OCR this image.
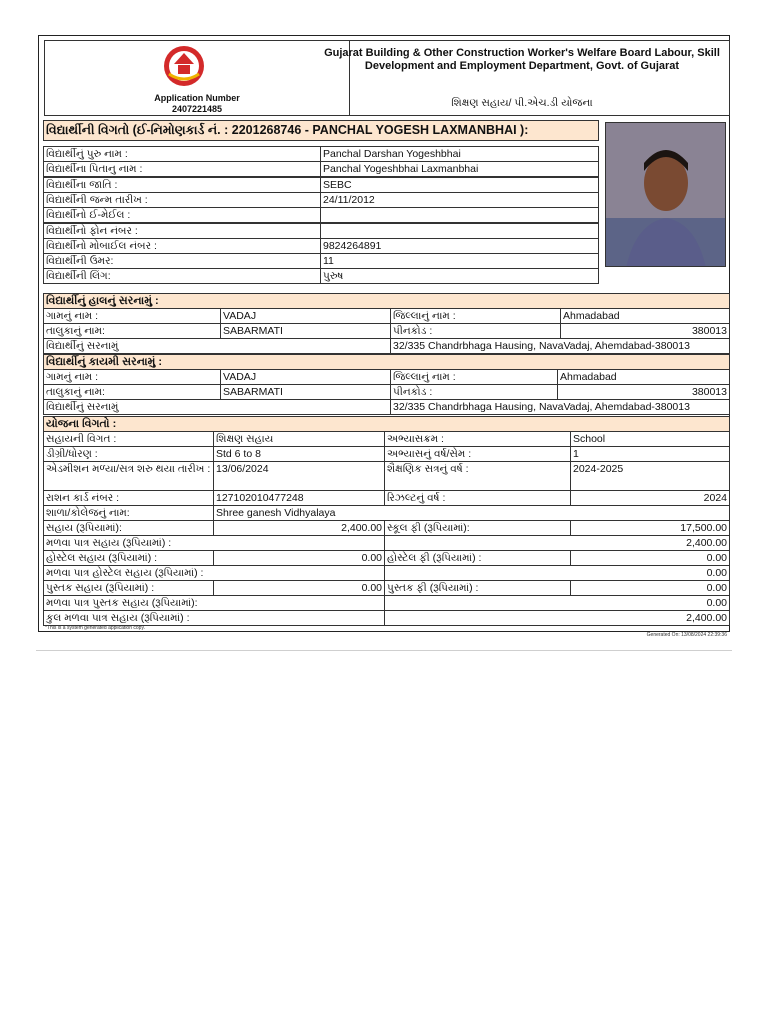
Application Number
2407221485
Gujarat Building & Other Construction Worker's Welfare Board Labour, Skill Development and Employment Department, Govt. of Gujarat
શિક્ષણ સહાય/ પી.એચ.ડી યોજના
વિદ્યાર્થીની વિગતો (ઈ-નિમોણકાર્ડ નં. : 2201268746 - PANCHAL YOGESH LAXMANBHAI ):
વિદ્યાર્થીનું હાલનું સરનામું :
ગામનું નામ :	VADAJ	જિલ્લાનું નામ :	Ahmadabad
તાલુકાનું નામ:	SABARMATI	પીનકોડ :	380013
વિદ્યાર્થીનું સરનામું	32/335 Chandrbhaga Hausing, NavaVadaj, Ahemdabad-380013
વિદ્યાર્થીનું કાયમી સરનામું :
ગામનું નામ :	VADAJ	જિલ્લાનું નામ :	Ahmadabad
તાલુકાનું નામ:	SABARMATI	પીનકોડ :	380013
વિદ્યાર્થીનું સરનામું	32/335 Chandrbhaga Hausing, NavaVadaj, Ahemdabad-380013
યોજના વિગતો :
સહાયની વિગત :	શિક્ષણ સહાય	અભ્યાસક્રમ :	School
ડીગ્રી/ધોરણ :	Std 6 to 8	અભ્યાસનું વર્ષ/સેમ :	1
એડમીશન મળ્યા/સત્ર શરુ થયા તારીખ : 13/06/2024	શૈક્ષણિક સત્રનું વર્ષ :	2024-2025
રાશન કાર્ડ નંબર :	127102010477248	રિઝલ્ટનું વર્ષ :	2024
શાળા/કોલેજનું નામ:	Shree ganesh Vidhyalaya
સહાય (રૂપિયામાં):	2,400.00 સ્કૂલ ફી (રૂપિયામાં):	17,500.00
મળવા પાત્ર સહાય (રૂપિયામાં) :	2,400.00
હોસ્ટેલ સહાય (રૂપિયામાં) :	0.00 હોસ્ટેલ ફી (રૂપિયામાં) :	0.00
મળવા પાત્ર હોસ્ટેલ સહાય (રૂપિયામાં) :	0.00
પુસ્તક સહાય (રૂપિયામાં) :	0.00 પુસ્તક ફી (રૂપિયામાં) :	0.00
મળવા પાત્ર પુસ્તક સહાય (રૂપિયામાં):	0.00
કુલ મળવા પાત્ર સહાય (રૂપિયામાં) :	2,400.00
*This is a system generated application copy.
Generated On: 13/08/2024 22:39:36
વિદ્યાર્થીનું પુરુ નામ :	Panchal Darshan Yogeshbhai
વિદ્યાર્થીના પિતાનુ નામ :	Panchal Yogeshbhai Laxmanbhai
વિદ્યાર્થીના જાતિ :	SEBC
વિદ્યાર્થીની જન્મ તારીખ :	24/11/2012
વિદ્યાર્થીનો ઈ-મેઈલ :
વિદ્યાર્થીનો ફોન નંબર :
વિદ્યાર્થીનો મોબાઈલ નંબર :	9824264891
વિદ્યાર્થીની ઉમર:	11
વિદ્યાર્થીની લિંગ:	પુરુષ
